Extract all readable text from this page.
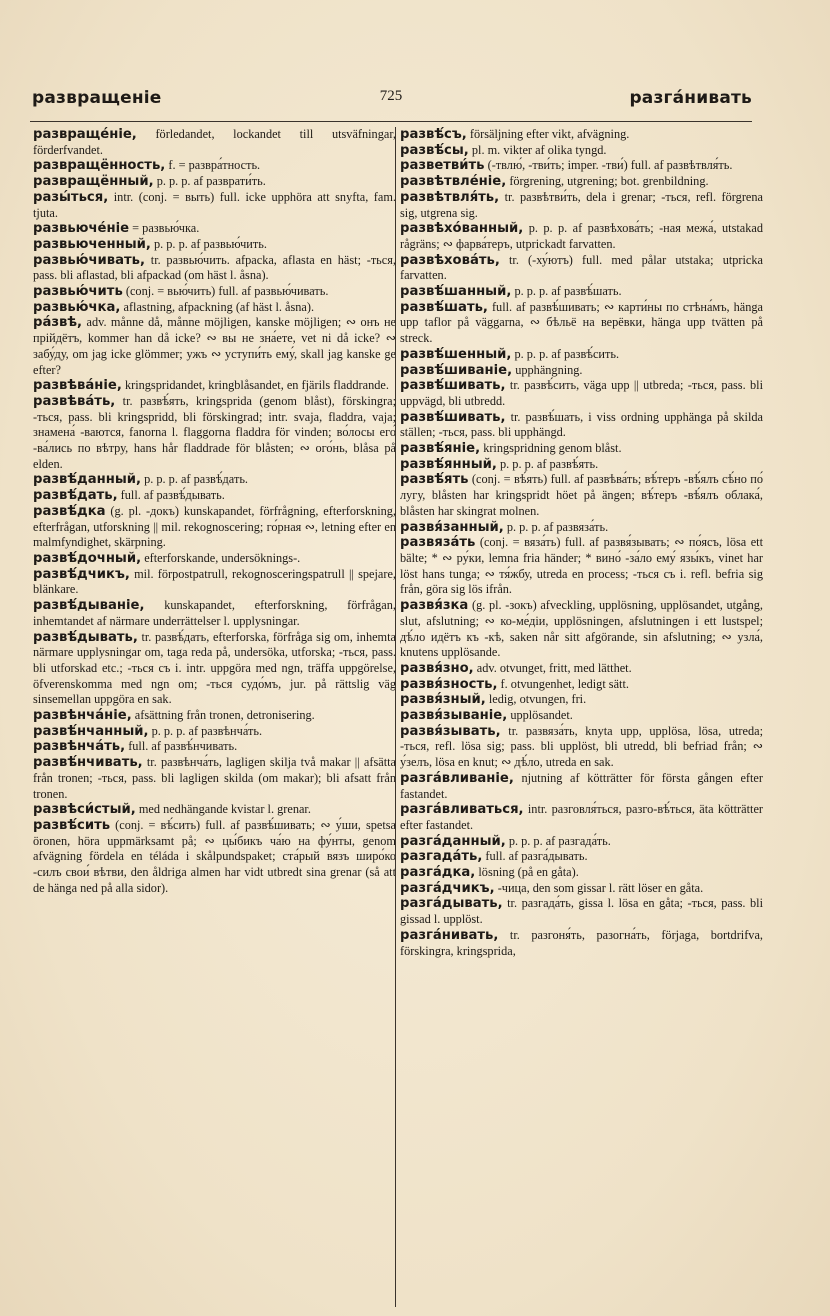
разврaщeніe	725	разгáнивать

развращéніе, förledandet, lockandet till utsväfningar, förderfvandet.

развращённость, f. = развра́тность.

развращённый, p. p. p. af разврати́ть.

разы́ться, intr. (conj. = выть) full. icke upphöra att snyfta, fam. tjuta.

развьюче́ніе = развью́чка.

развьюченный, p. p. p. af развью́чить.

развью́чивать, tr. развью́чить. afpacka, aflasta en häst; -ться, pass. bli aflastad, bli afpackad (om häst l. åsna).

развью́чить (conj. = вью́чить) full. af развью́чивать.

развью́чка, aflastning, afpackning (af häst l. åsna).

ра́звѣ, adv. månne då, månne möjligen, kanske möjligen; ∾ онъ не прійдётъ, kommer han då icke? ∾ вы не зна́ете, vet ni då icke? ∾ забу́ду, om jag icke glömmer; ужъ ∾ уступи́ть ему́, skall jag kanske ge efter?

развѣва́ніе, kringspridandet, kringblåsandet, en fjärils fladdrande.

развѣва́ть, tr. развѣ́ять, kringsprida (genom blåst), förskingra; -ться, pass. bli kringspridd, bli förskingrad; intr. svaja, fladdra, vaja; знамена́ -ваются, fanorna l. flaggorna fladdra för vinden; во́лосы его́ -ва́лись по вѣтру, hans hår fladdrade för blåsten; ∾ ого́нь, blåsa på elden.

развѣ́данный, p. p. p. af развѣ́дать.

развѣ́дать, full. af развѣ́дывать.

развѣ́дка (g. pl. -докъ) kunskapandet, förfrågning, efterforskning, efterfrågan, utforskning || mil. rekognoscering; го́рная ∾, letning efter en malmfyndighet, skärpning.

развѣ́дочный, efterforskande, undersöknings-.

развѣ́дчикъ, mil. förpostpatrull, rekognosceringspatrull || spejare, blänkare.

развѣ́дываніе, kunskapandet, efterforskning, förfrågan, inhemtandet af närmare underrättelser l. upplysningar.

развѣ́дывать, tr. развѣ́дать, efterforska, förfråga sig om, inhemta närmare upplysningar om, taga reda på, undersöka, utforska; -ться, pass. bli utforskad etc.; -ться съ i. intr. uppgöra med ngn, träffa uppgörelse, öfverenskomma med ngn om; -ться судо́мъ, jur. på rättslig väg sinsemellan uppgöra en sak.

развѣнча́ніе, afsättning från tronen, detronisering.

развѣ́нчанный, p. p. p. af развѣнча́ть.

развѣнча́ть, full. af развѣ́нчивать.

развѣ́нчивать, tr. развѣнча́ть, lagligen skilja två makar || afsätta från tronen; -ться, pass. bli lagligen skilda (om makar); bli afsatt från tronen.

развѣси́стый, med nedhängande kvistar l. grenar.

развѣ́сить (conj. = вѣ́сить) full. af развѣ́шивать; ∾ у́ши, spetsa öronen, höra uppmärksamt på; ∾ цы́бикъ ча́ю на фу́нты, genom afvägning fördela en téláda i skålpundspaket; ста́рый вязъ широ́ко -силъ свои́ вѣтви, den åldriga almen har vidt utbredt sina grenar (så att de hänga ned på alla sidor).

развѣ́съ, försäljning efter vikt, afvägning.

развѣ́сы, pl. m. vikter af olika tyngd.

разветви́ть (-твлю́, -тви́ть; imper. -тви́) full. af развѣтвля́ть.

развѣтвле́ніе, förgrening, utgrening; bot. grenbildning.

развѣтвля́ть, tr. развѣтви́ть, dela i grenar; -ться, refl. förgrena sig, utgrena sig.

развѣхо́ванный, p. p. p. af развѣхова́ть; -ная межа́, utstakad rågräns; ∾ фарва́теръ, utprickadt farvatten.

развѣхова́ть, tr. (-ху́ютъ) full. med pålar utstaka; utpricka farvatten.

развѣ́шанный, p. p. p. af развѣ́шать.

развѣ́шать, full. af развѣ́шивать; ∾ карти́ны по стѣна́мъ, hänga upp taflor på väggarna, ∾ бѣльё на верёвки, hänga upp tvätten på streck.

развѣ́шенный, p. p. p. af развѣ́сить.

развѣ́шиваніе, upphängning.

развѣ́шивать, tr. развѣ́сить, väga upp || utbreda; -ться, pass. bli uppvägd, bli utbredd.

развѣ́шивать, tr. развѣ́шать, i viss ordning upphänga på skilda ställen; -ться, pass. bli upphängd.

развѣ́яніе, kringspridning genom blåst.

развѣ́янный, p. p. p. af развѣ́ять.

развѣ́ять (conj. = вѣ́ять) full. af развѣва́ть; вѣ́теръ -вѣ́ялъ сѣ́но по́ лугу, blåsten har kringspridt höet på ängen; вѣ́теръ -вѣ́ялъ облака́, blåsten har skingrat molnen.

развя́занный, p. p. p. af развяза́ть.

развяза́ть (conj. = вяза́ть) full. af развя́зывать; ∾ по́ясъ, lösa ett bälte; * ∾ ру́ки, lemna fria händer; * вино́ -за́ло ему́ язы́къ, vinet har löst hans tunga; ∾ тя́жбу, utreda en process; -ться съ i. refl. befria sig från, göra sig lös ifrån.

развя́зка (g. pl. -зокъ) afveckling, upplösning, upplösandet, utgång, slut, afslutning; ∾ ко-ме́діи, upplösningen, afslutningen i ett lustspel; дѣ́ло идётъ къ -кѣ, saken når sitt afgörande, sin afslutning; ∾ узла́, knutens upplösande.

развя́зно, adv. otvunget, fritt, med lätthet.

развя́зность, f. otvungenhet, ledigt sätt.

развя́зный, ledig, otvungen, fri.

развя́зываніе, upplösandet.

развя́зывать, tr. развяза́ть, knyta upp, upplösa, lösa, utreda; -ться, refl. lösa sig; pass. bli upplöst, bli utredd, bli befriad från; ∾ у́зелъ, lösa en knut; ∾ дѣ́ло, utreda en sak.

разга́вливаніе, njutning af kötträtter för första gången efter fastandet.

разга́вливаться, intr. разговля́ться, разго-вѣ́ться, äta kötträtter efter fastandet.

разга́данный, p. p. p. af разгада́ть.

разгада́ть, full. af разга́дывать.

разга́дка, lösning (på en gåta).

разга́дчикъ, -чица, den som gissar l. rätt löser en gåta.

разга́дывать, tr. разгада́ть, gissa l. lösa en gåta; -ться, pass. bli gissad l. upplöst.

разга́нивать, tr. разгоня́ть, разогна́ть, förjaga, bortdrifva, förskingra, kringsprida,
